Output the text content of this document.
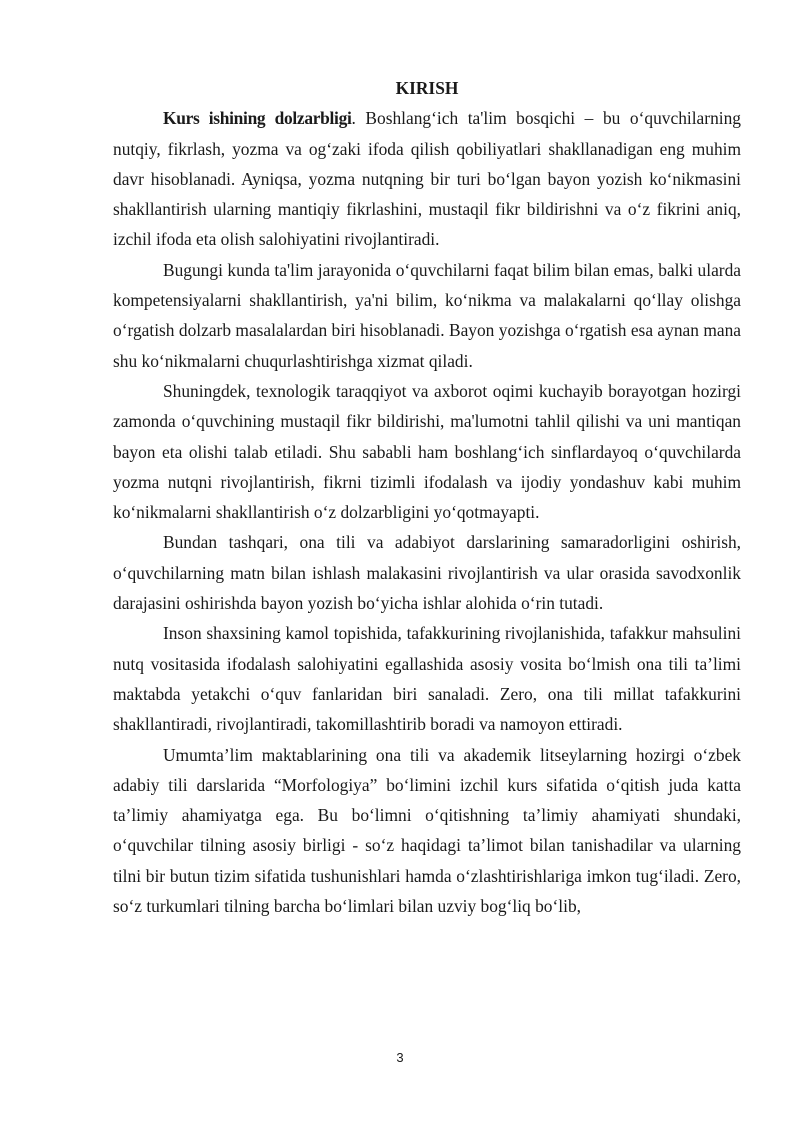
KIRISH

Kurs ishining dolzarbligi. Boshlang‘ich ta'lim bosqichi – bu o‘quvchilarning nutqiy, fikrlash, yozma va og‘zaki ifoda qilish qobiliyatlari shakllanadigan eng muhim davr hisoblanadi. Ayniqsa, yozma nutqning bir turi bo‘lgan bayon yozish ko‘nikmasini shakllantirish ularning mantiqiy fikrlashini, mustaqil fikr bildirishni va o‘z fikrini aniq, izchil ifoda eta olish salohiyatini rivojlantiradi.

Bugungi kunda ta'lim jarayonida o‘quvchilarni faqat bilim bilan emas, balki ularda kompetensiyalarni shakllantirish, ya'ni bilim, ko‘nikma va malakalarni qo‘llay olishga o‘rgatish dolzarb masalalardan biri hisoblanadi. Bayon yozishga o‘rgatish esa aynan mana shu ko‘nikmalarni chuqurlashtirishga xizmat qiladi.

Shuningdek, texnologik taraqqiyot va axborot oqimi kuchayib borayotgan hozirgi zamonda o‘quvchining mustaqil fikr bildirishi, ma'lumotni tahlil qilishi va uni mantiqan bayon eta olishi talab etiladi. Shu sababli ham boshlang‘ich sinflardayoq o‘quvchilarda yozma nutqni rivojlantirish, fikrni tizimli ifodalash va ijodiy yondashuv kabi muhim ko‘nikmalarni shakllantirish o‘z dolzarbligini yo‘qotmayapti.

Bundan tashqari, ona tili va adabiyot darslarining samaradorligini oshirish, o‘quvchilarning matn bilan ishlash malakasini rivojlantirish va ular orasida savodxonlik darajasini oshirishda bayon yozish bo‘yicha ishlar alohida o‘rin tutadi.

Inson shaxsining kamol topishida, tafakkurining rivojlanishida, tafakkur mahsulini nutq vositasida ifodalash salohiyatini egallashida asosiy vosita bo‘lmish ona tili ta’limi maktabda yetakchi o‘quv fanlaridan biri sanaladi. Zero, ona tili millat tafakkurini shakllantiradi, rivojlantiradi, takomillashtirib boradi va namoyon ettiradi.

Umumta’lim maktablarining ona tili va akademik litseylarning hozirgi o‘zbek adabiy tili darslarida “Morfologiya” bo‘limini izchil kurs sifatida o‘qitish juda katta ta’limiy ahamiyatga ega. Bu bo‘limni o‘qitishning ta’limiy ahamiyati shundaki, o‘quvchilar tilning asosiy birligi - so‘z haqidagi ta’limot bilan tanishadilar va ularning tilni bir butun tizim sifatida tushunishlari hamda o‘zlashtirishlariga imkon tug‘iladi. Zero, so‘z turkumlari tilning barcha bo‘limlari bilan uzviy bog‘liq bo‘lib,

3
